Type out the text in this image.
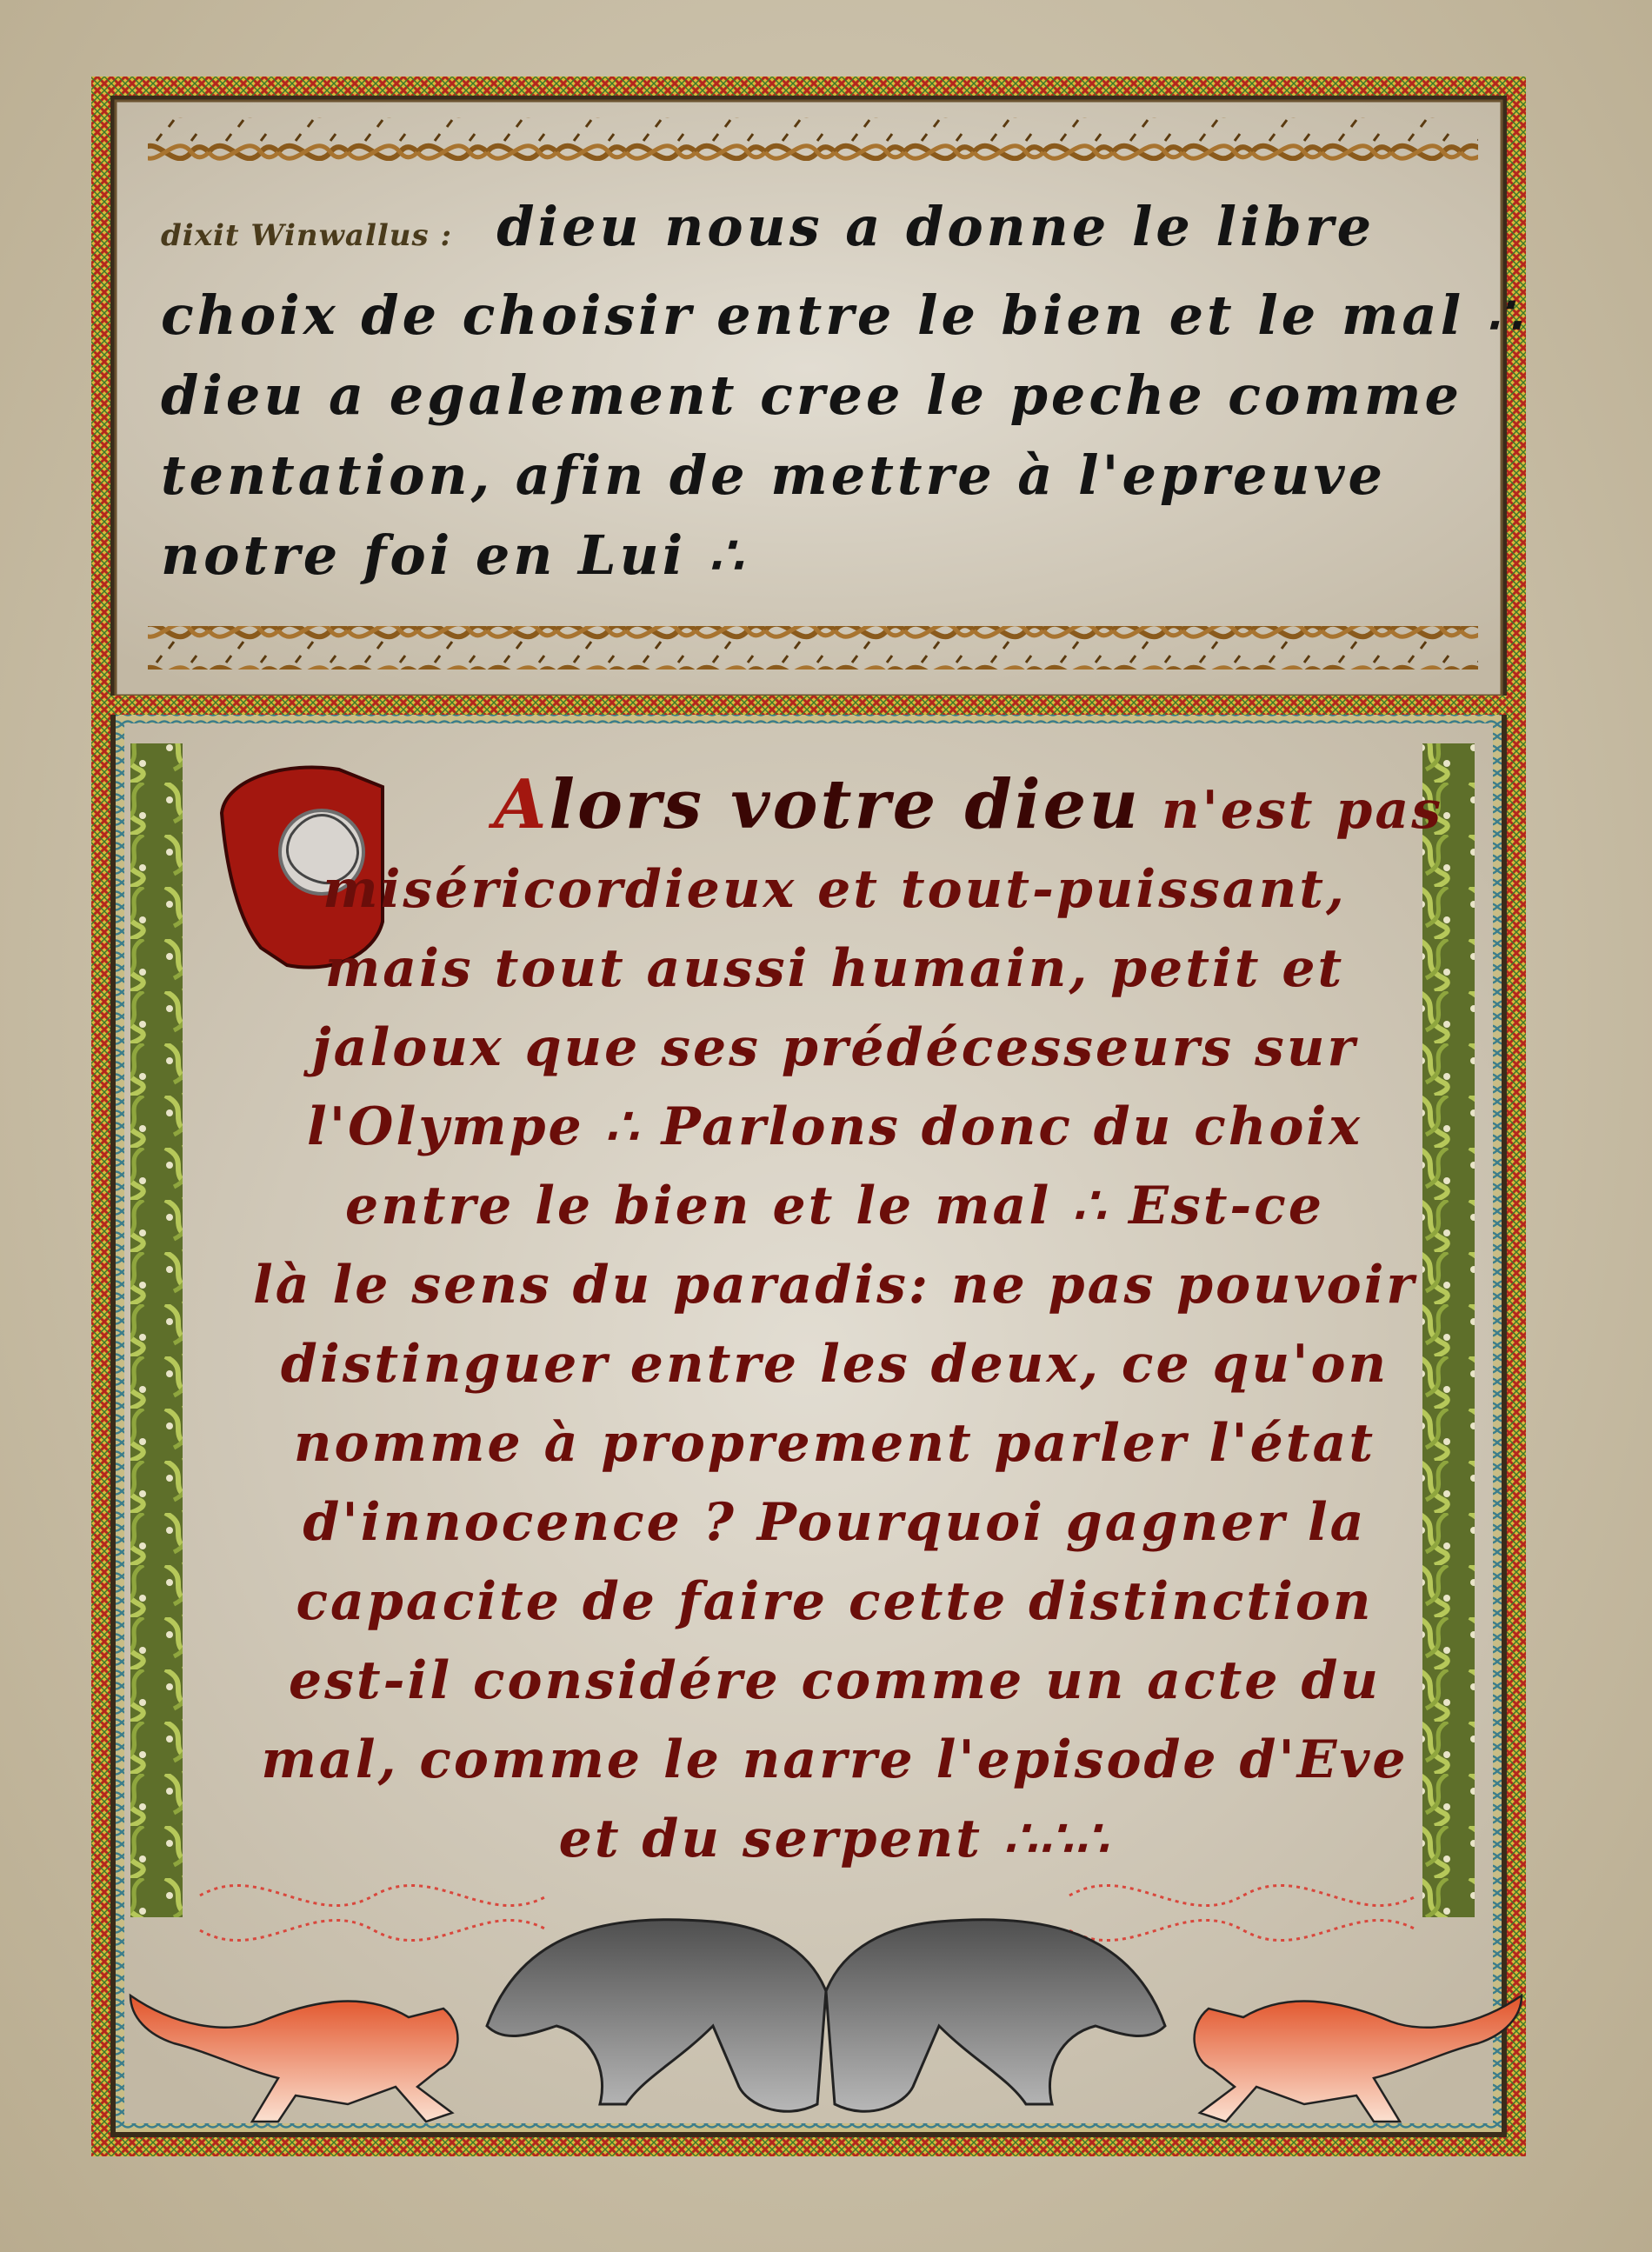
dixit Winwallus : dieu nous a donne le libre
choix de choisir entre le bien et le mal ∴
dieu a egalement cree le peche comme
tentation, afin de mettre à l'epreuve
notre foi en Lui ∴
Alors votre dieu n'est pas
miséricordieux et tout-puissant,
mais tout aussi humain, petit et
jaloux que ses prédécesseurs sur
l'Olympe ∴ Parlons donc du choix
entre le bien et le mal ∴ Est-ce
là le sens du paradis: ne pas pouvoir
distinguer entre les deux, ce qu'on
nomme à proprement parler l'état
d'innocence ? Pourquoi gagner la
capacite de faire cette distinction
est-il considére comme un acte du
mal, comme le narre l'episode d'Eve
et du serpent ∴∴∴
